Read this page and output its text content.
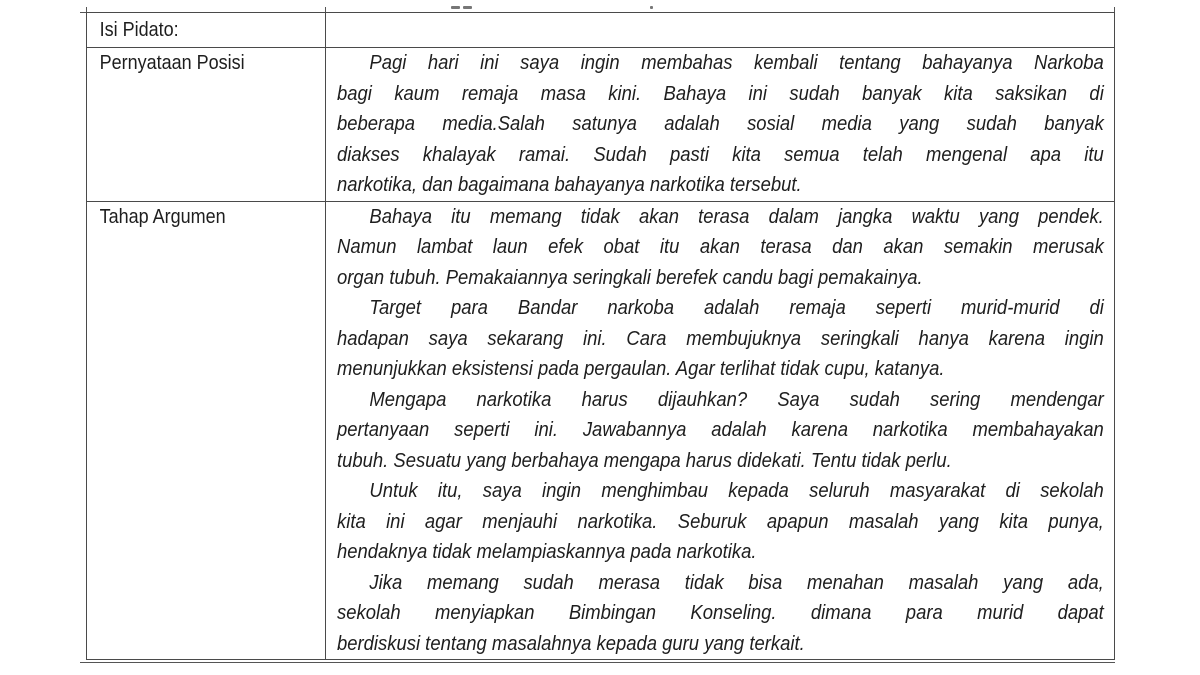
Isi Pidato:	

Pernyataan Posisi	Pagi hari ini saya ingin membahas kembali tentang bahayanya Narkoba
bagi kaum remaja masa kini. Bahaya ini sudah banyak kita saksikan di
beberapa media.Salah satunya adalah sosial media yang sudah banyak
diakses khalayak ramai. Sudah pasti kita semua telah mengenal apa itu
narkotika, dan bagaimana bahayanya narkotika tersebut.

Tahap Argumen	Bahaya itu memang tidak akan terasa dalam jangka waktu yang pendek.
Namun lambat laun efek obat itu akan terasa dan akan semakin merusak
organ tubuh. Pemakaiannya seringkali berefek candu bagi pemakainya.

Target para Bandar narkoba adalah remaja seperti murid-murid di
hadapan saya sekarang ini. Cara membujuknya seringkali hanya karena ingin
menunjukkan eksistensi pada pergaulan. Agar terlihat tidak cupu, katanya.

Mengapa narkotika harus dijauhkan? Saya sudah sering mendengar
pertanyaan seperti ini. Jawabannya adalah karena narkotika membahayakan
tubuh. Sesuatu yang berbahaya mengapa harus didekati. Tentu tidak perlu.

Untuk itu, saya ingin menghimbau kepada seluruh masyarakat di sekolah
kita ini agar menjauhi narkotika. Seburuk apapun masalah yang kita punya,
hendaknya tidak melampiaskannya pada narkotika.

Jika memang sudah merasa tidak bisa menahan masalah yang ada,
sekolah menyiapkan Bimbingan Konseling. dimana para murid dapat
berdiskusi tentang masalahnya kepada guru yang terkait.
